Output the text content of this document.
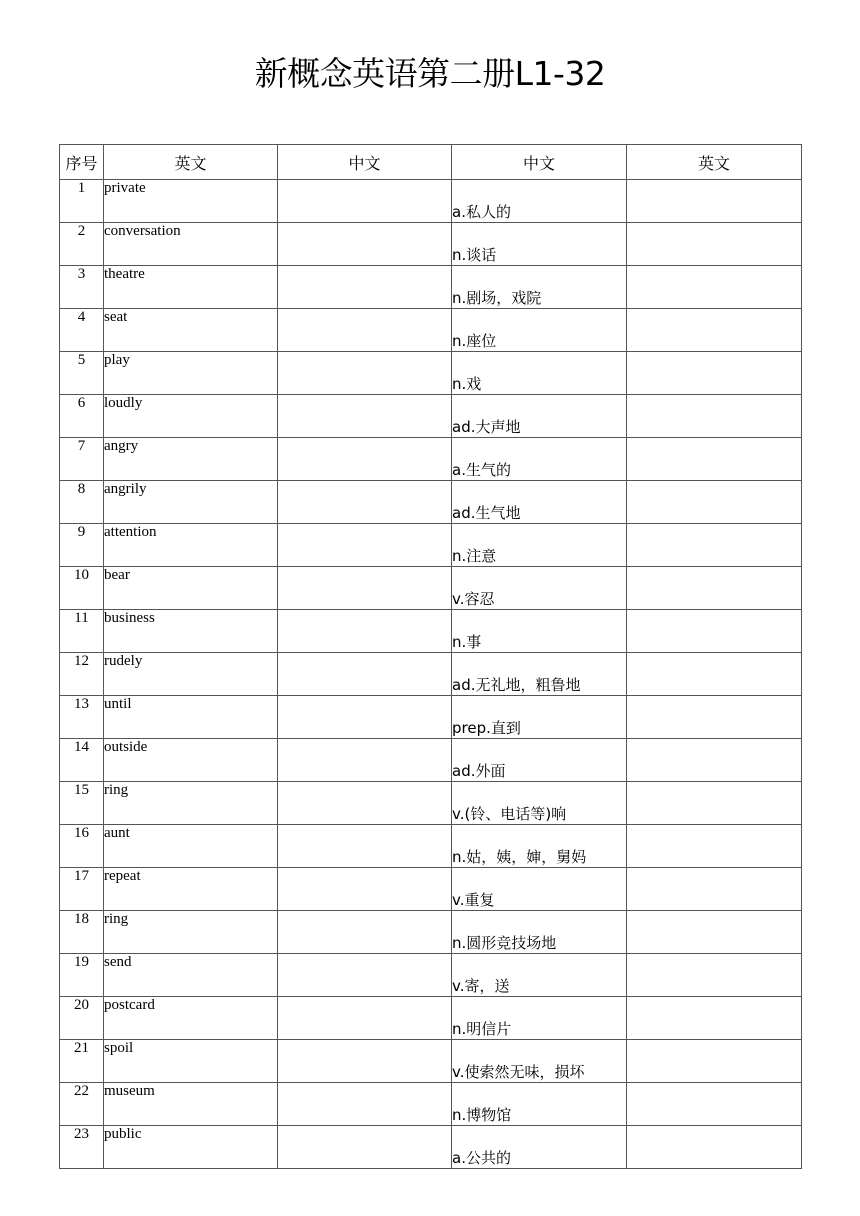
新概念英语第二册L1-32
序号	英文	中文	中文	英文
1	private		a.私人的	
2	conversation		n.谈话	
3	theatre		n.剧场，戏院	
4	seat		n.座位	
5	play		n.戏	
6	loudly		ad.大声地	
7	angry		a.生气的	
8	angrily		ad.生气地	
9	attention		n.注意	
10	bear		v.容忍	
11	business		n.事	
12	rudely		ad.无礼地，粗鲁地	
13	until		prep.直到	
14	outside		ad.外面	
15	ring		v.(铃、电话等)响	
16	aunt		n.姑，姨，婶，舅妈	
17	repeat		v.重复	
18	ring		n.圆形竞技场地	
19	send		v.寄，送	
20	postcard		n.明信片	
21	spoil		v.使索然无味，损坏	
22	museum		n.博物馆	
23	public		a.公共的	
